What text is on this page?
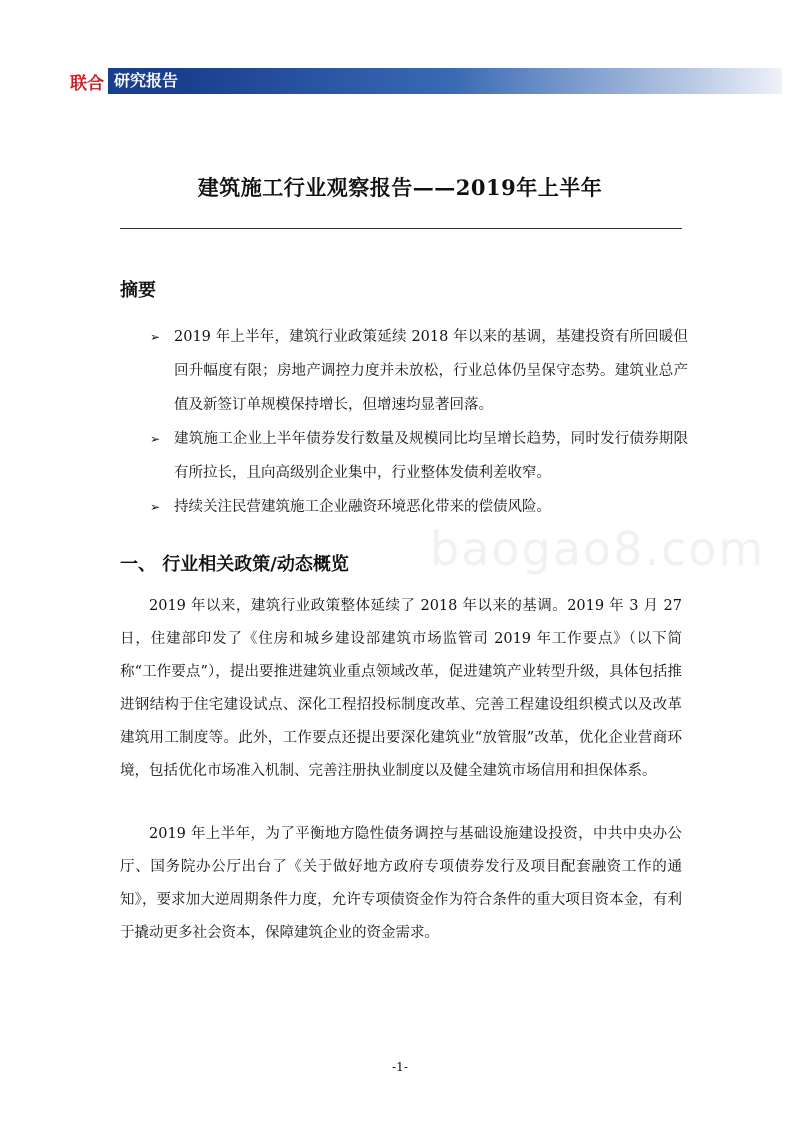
联合 研究报告
建筑施工行业观察报告——2019年上半年
摘要
➢ 2019 年上半年，建筑行业政策延续 2018 年以来的基调，基建投资有所回暖但回升幅度有限；房地产调控力度并未放松，行业总体仍呈保守态势。建筑业总产值及新签订单规模保持增长，但增速均显著回落。
➢ 建筑施工企业上半年债券发行数量及规模同比均呈增长趋势，同时发行债券期限有所拉长，且向高级别企业集中，行业整体发债利差收窄。
➢ 持续关注民营建筑施工企业融资环境恶化带来的偿债风险。
baogao8.com
一、 行业相关政策/动态概览

2019 年以来，建筑行业政策整体延续了 2018 年以来的基调。2019 年 3 月 27 日，住建部印发了《住房和城乡建设部建筑市场监管司 2019 年工作要点》（以下简称“工作要点”），提出要推进建筑业重点领域改革，促进建筑产业转型升级，具体包括推进钢结构于住宅建设试点、深化工程招投标制度改革、完善工程建设组织模式以及改革建筑用工制度等。此外，工作要点还提出要深化建筑业“放管服”改革，优化企业营商环境，包括优化市场准入机制、完善注册执业制度以及健全建筑市场信用和担保体系。

2019 年上半年，为了平衡地方隐性债务调控与基础设施建设投资，中共中央办公厅、国务院办公厅出台了《关于做好地方政府专项债券发行及项目配套融资工作的通知》，要求加大逆周期条件力度，允许专项债资金作为符合条件的重大项目资本金，有利于撬动更多社会资本，保障建筑企业的资金需求。

-1-
